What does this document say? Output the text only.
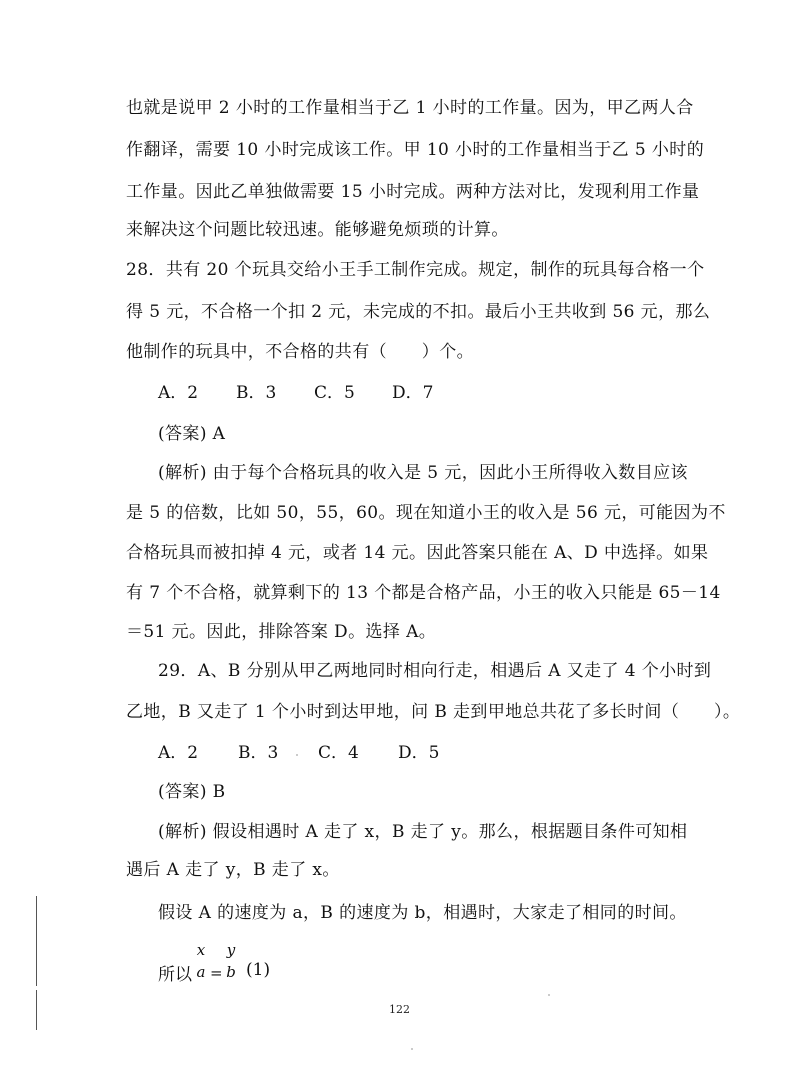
也就是说甲 2 小时的工作量相当于乙 1 小时的工作量。因为，甲乙两人合
作翻译，需要 10 小时完成该工作。甲 10 小时的工作量相当于乙 5 小时的
工作量。因此乙单独做需要 15 小时完成。两种方法对比，发现利用工作量
来解决这个问题比较迅速。能够避免烦琐的计算。
28．共有 20 个玩具交给小王手工制作完成。规定，制作的玩具每合格一个
得 5 元，不合格一个扣 2 元，未完成的不扣。最后小王共收到 56 元，那么
他制作的玩具中，不合格的共有（　　）个。
A．2	B．3	C．5	D．7
(答案) A
(解析) 由于每个合格玩具的收入是 5 元，因此小王所得收入数目应该
是 5 的倍数，比如 50，55，60。现在知道小王的收入是 56 元，可能因为不
合格玩具而被扣掉 4 元，或者 14 元。因此答案只能在 A、D 中选择。如果
有 7 个不合格，就算剩下的 13 个都是合格产品，小王的收入只能是 65－14
＝51 元。因此，排除答案 D。选择 A。
29．A、B 分别从甲乙两地同时相向行走，相遇后 A 又走了 4 个小时到
乙地，B 又走了 1 个小时到达甲地，问 B 走到甲地总共花了多长时间（　　）。
A．2	B．3	C．4	D．5
(答案) B
(解析) 假设相遇时 A 走了 x，B 走了 y。那么，根据题目条件可知相
遇后 A 走了 y，B 走了 x。
假设 A 的速度为 a，B 的速度为 b，相遇时，大家走了相同的时间。
所以
x
a =
y
b (1)
122
